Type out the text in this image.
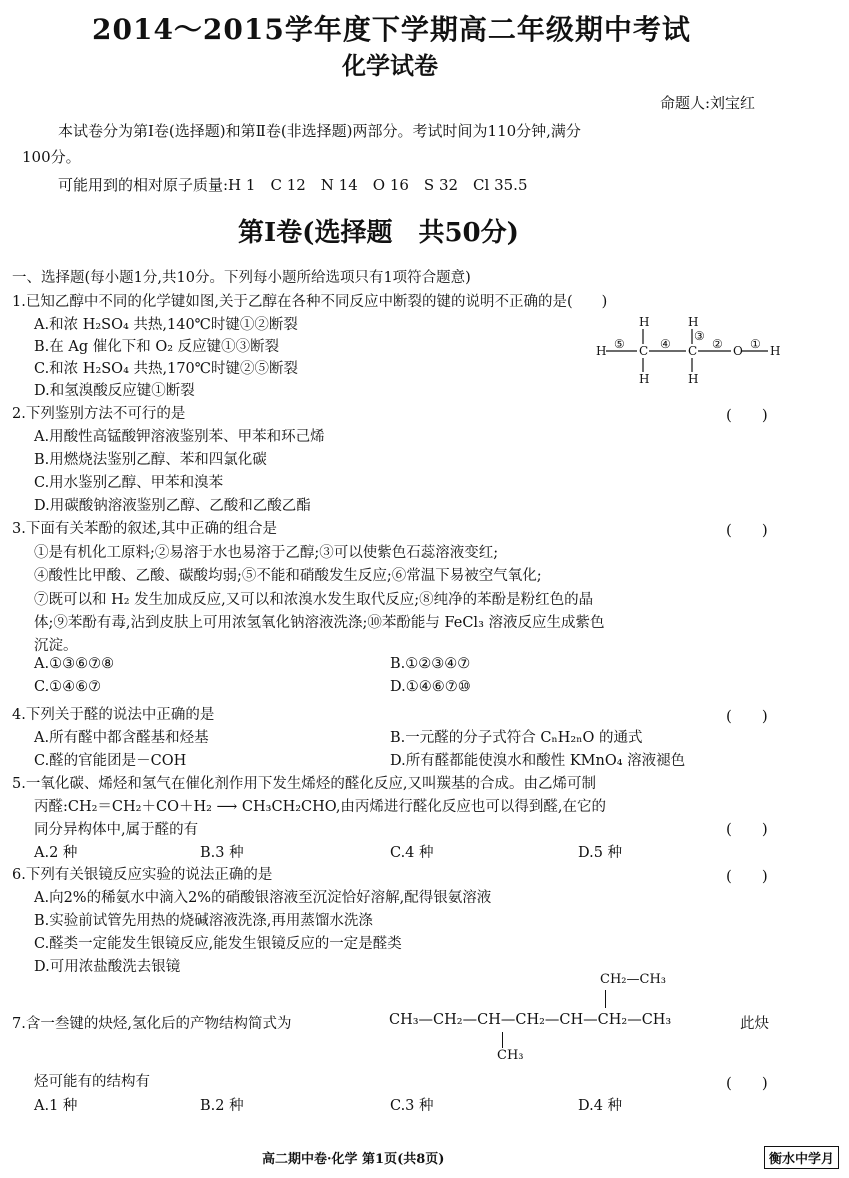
2014～2015学年度下学期高二年级期中考试
化学试卷
命题人:刘宝红
本试卷分为第Ⅰ卷(选择题)和第Ⅱ卷(非选择题)两部分。考试时间为110分钟,满分
100分。
可能用到的相对原子质量:H 1　C 12　N 14　O 16　S 32　Cl 35.5
第Ⅰ卷(选择题　共50分)
一、选择题(每小题1分,共10分。下列每小题所给选项只有1项符合题意)
1.已知乙醇中不同的化学键如图,关于乙醇在各种不同反应中断裂的键的说明不正确的是(　　)
A.和浓 H₂SO₄ 共热,140℃时键①②断裂
B.在 Ag 催化下和 O₂ 反应键①③断裂
C.和浓 H₂SO₄ 共热,170℃时键②⑤断裂
D.和氢溴酸反应键①断裂
H	H
H	C	C	O H
H	H
⑤	④
③
② ①
2.下列鉴别方法不可行的是	(　　)
A.用酸性高锰酸钾溶液鉴别苯、甲苯和环己烯
B.用燃烧法鉴别乙醇、苯和四氯化碳
C.用水鉴别乙醇、甲苯和溴苯
D.用碳酸钠溶液鉴别乙醇、乙酸和乙酸乙酯
3.下面有关苯酚的叙述,其中正确的组合是	(　　)
①是有机化工原料;②易溶于水也易溶于乙醇;③可以使紫色石蕊溶液变红;
④酸性比甲酸、乙酸、碳酸均弱;⑤不能和硝酸发生反应;⑥常温下易被空气氧化;
⑦既可以和 H₂ 发生加成反应,又可以和浓溴水发生取代反应;⑧纯净的苯酚是粉红色的晶
体;⑨苯酚有毒,沾到皮肤上可用浓氢氧化钠溶液洗涤;⑩苯酚能与 FeCl₃ 溶液反应生成紫色
沉淀。
A.①③⑥⑦⑧	B.①②③④⑦
C.①④⑥⑦	D.①④⑥⑦⑩
4.下列关于醛的说法中正确的是	(　　)
A.所有醛中都含醛基和烃基	B.一元醛的分子式符合 CₙH₂ₙO 的通式
C.醛的官能团是－COH	D.所有醛都能使溴水和酸性 KMnO₄ 溶液褪色
5.一氧化碳、烯烃和氢气在催化剂作用下发生烯烃的醛化反应,又叫羰基的合成。由乙烯可制
丙醛:CH₂＝CH₂＋CO＋H₂ ⟶ CH₃CH₂CHO,由丙烯进行醛化反应也可以得到醛,在它的
同分异构体中,属于醛的有	(　　)
A.2 种	B.3 种	C.4 种	D.5 种
6.下列有关银镜反应实验的说法正确的是	(　　)
A.向2%的稀氨水中滴入2%的硝酸银溶液至沉淀恰好溶解,配得银氨溶液
B.实验前试管先用热的烧碱溶液洗涤,再用蒸馏水洗涤
C.醛类一定能发生银镜反应,能发生银镜反应的一定是醛类
D.可用浓盐酸洗去银镜
CH₂—CH₃
7.含一叁键的炔烃,氢化后的产物结构简式为	CH₃—CH₂—CH—CH₂—CH—CH₂—CH₃	此炔
CH₃
烃可能有的结构有	(　　)
A.1 种	B.2 种	C.3 种	D.4 种
高二期中卷·化学 第1页(共8页)	衡水中学月
